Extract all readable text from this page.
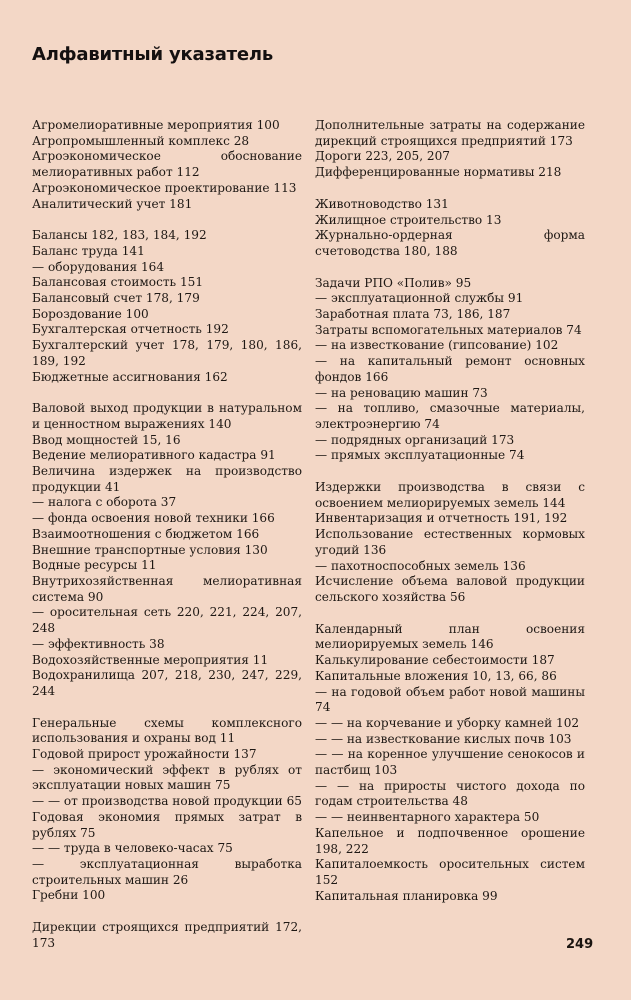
Алфавитный указатель
Агромелиоративные мероприятия 100
Агропромышленный комплекс 28
Агроэкономическое обоснование мелиоративных работ 112
Агроэкономическое проектирование 113
Аналитический учет 181
Балансы 182, 183, 184, 192
Баланс труда 141
— оборудования 164
Балансовая стоимость 151
Балансовый счет 178, 179
Бороздование 100
Бухгалтерская отчетность 192
Бухгалтерский учет 178, 179, 180, 186, 189, 192
Бюджетные ассигнования 162
Валовой выход продукции в натуральном и ценностном выражениях 140
Ввод мощностей 15, 16
Ведение мелиоративного кадастра 91
Величина издержек на производство продукции 41
— налога с оборота 37
— фонда освоения новой техники 166
Взаимоотношения с бюджетом 166
Внешние транспортные условия 130
Водные ресурсы 11
Внутрихозяйственная мелиоративная система 90
— оросительная сеть 220, 221, 224, 207, 248
— эффективность 38
Водохозяйственные мероприятия 11
Водохранилища 207, 218, 230, 247, 229, 244
Генеральные схемы комплексного использования и охраны вод 11
Годовой прирост урожайности 137
— экономический эффект в рублях от эксплуатации новых машин 75
— — от производства новой продукции 65
Годовая экономия прямых затрат в рублях 75
— — труда в человеко-часах 75
— эксплуатационная выработка строительных машин 26
Гребни 100
Дирекции строящихся предприятий 172, 173
Дополнительные затраты на содержание дирекций строящихся предприятий 173
Дороги 223, 205, 207
Дифференцированные нормативы 218
Животноводство 131
Жилищное строительство 13
Журнально-ордерная форма счетоводства 180, 188
Задачи РПО «Полив» 95
— эксплуатационной службы 91
Заработная плата 73, 186, 187
Затраты вспомогательных материалов 74
— на известкование (гипсование) 102
— на капитальный ремонт основных фондов 166
— на реновацию машин 73
— на топливо, смазочные материалы, электроэнергию 74
— подрядных организаций 173
— прямых эксплуатационные 74
Издержки производства в связи с освоением мелиорируемых земель 144
Инвентаризация и отчетность 191, 192
Использование естественных кормовых угодий 136
— пахотноспособных земель 136
Исчисление объема валовой продукции сельского хозяйства 56
Календарный план освоения мелиорируемых земель 146
Калькулирование себестоимости 187
Капитальные вложения 10, 13, 66, 86
— на годовой объем работ новой машины 74
— — на корчевание и уборку камней 102
— — на известкование кислых почв 103
— — на коренное улучшение сенокосов и пастбищ 103
— — на приросты чистого дохода по годам строительства 48
— — неинвентарного характера 50
Капельное и подпочвенное орошение 198, 222
Капиталоемкость оросительных систем 152
Капитальная планировка 99
249
